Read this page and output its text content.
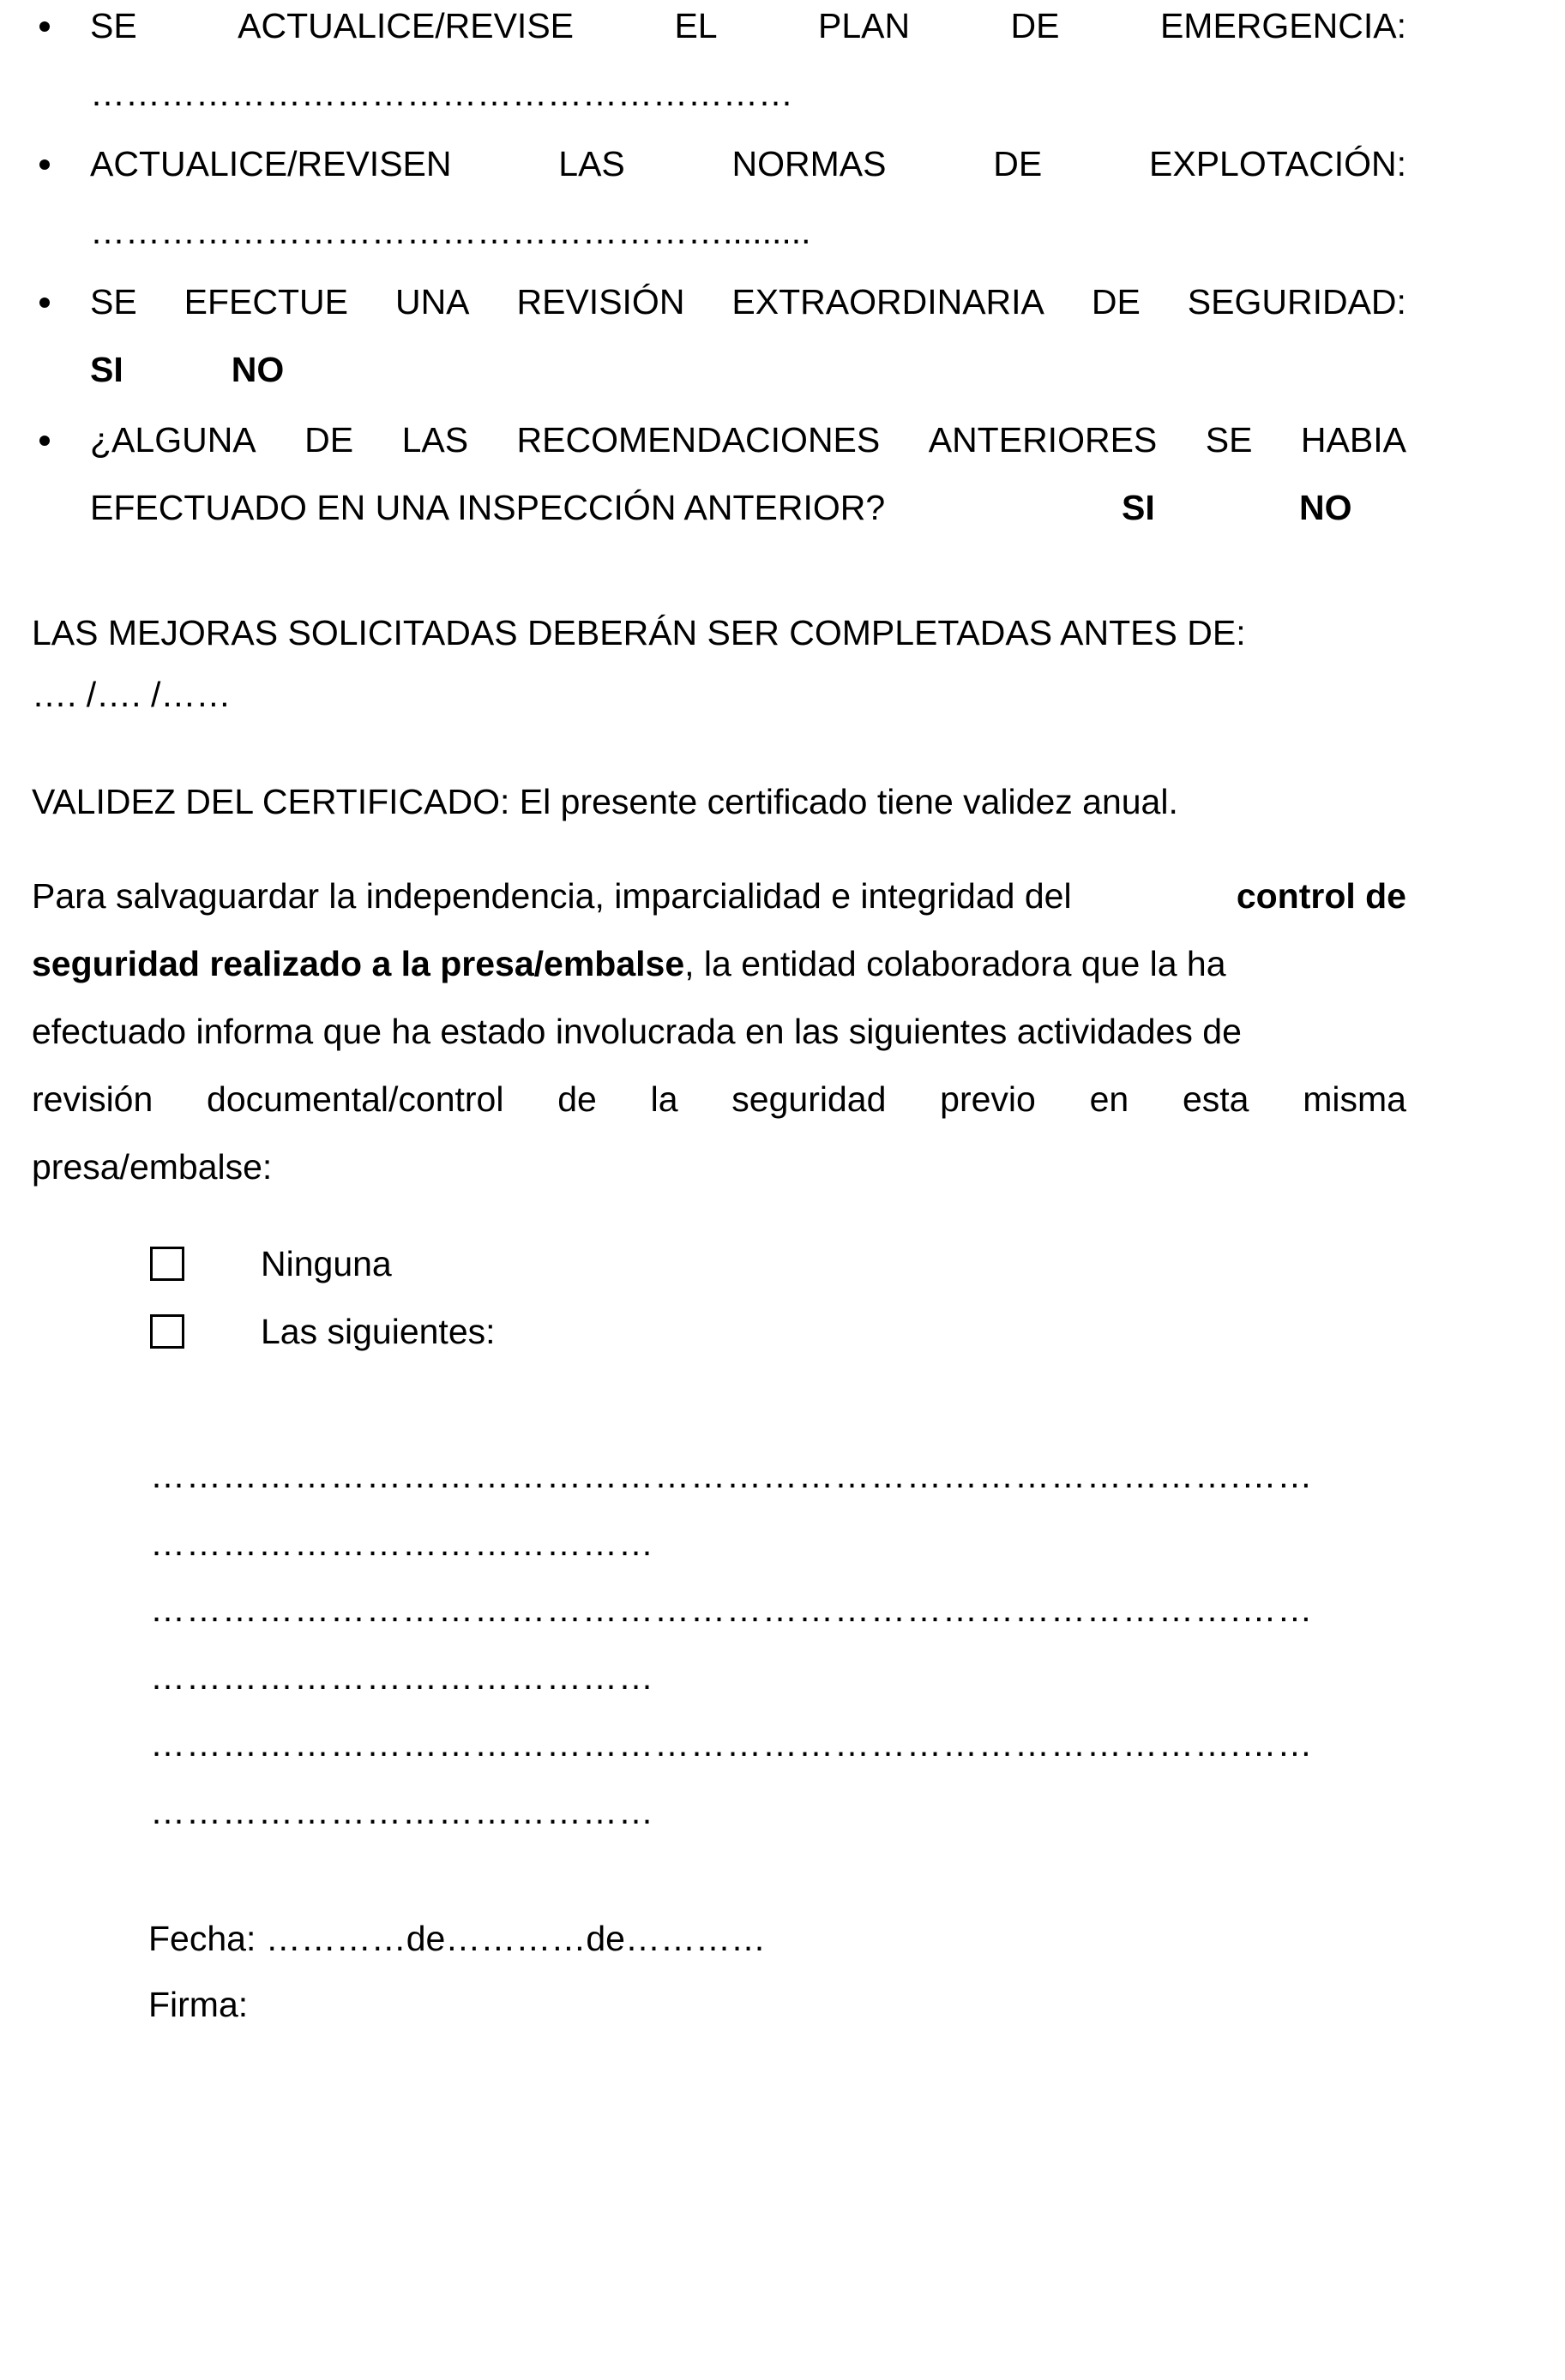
SE	ACTUALICE/REVISE	EL	PLAN	DE	EMERGENCIA:
……………………………………………………
ACTUALICE/REVISEN	LAS	NORMAS	DE	EXPLOTACIÓN:
……………………………………………….........
SE EFECTUE UNA REVISIÓN EXTRAORDINARIA DE SEGURIDAD:
SI	NO
¿ALGUNA DE LAS RECOMENDACIONES ANTERIORES SE HABIA
EFECTUADO EN UNA INSPECCIÓN ANTERIOR?	SI	NO
LAS MEJORAS SOLICITADAS DEBERÁN SER COMPLETADAS ANTES DE:
…. /…. /……
VALIDEZ DEL CERTIFICADO: El presente certificado tiene validez anual.
Para salvaguardar la independencia, imparcialidad e integridad del	control de
seguridad realizado a la presa/embalse, la entidad colaboradora que la ha
efectuado informa que ha estado involucrada en las siguientes actividades de
revisión documental/control de la seguridad previo en esta misma
presa/embalse:
Ninguna
Las siguientes:
……………………………………………………………………………….……
……………………………………
……………………………………………………………………………….……
……………………………………
……………………………………………………………………………….……
……………………………………
Fecha: …………de…………de…………
Firma:
